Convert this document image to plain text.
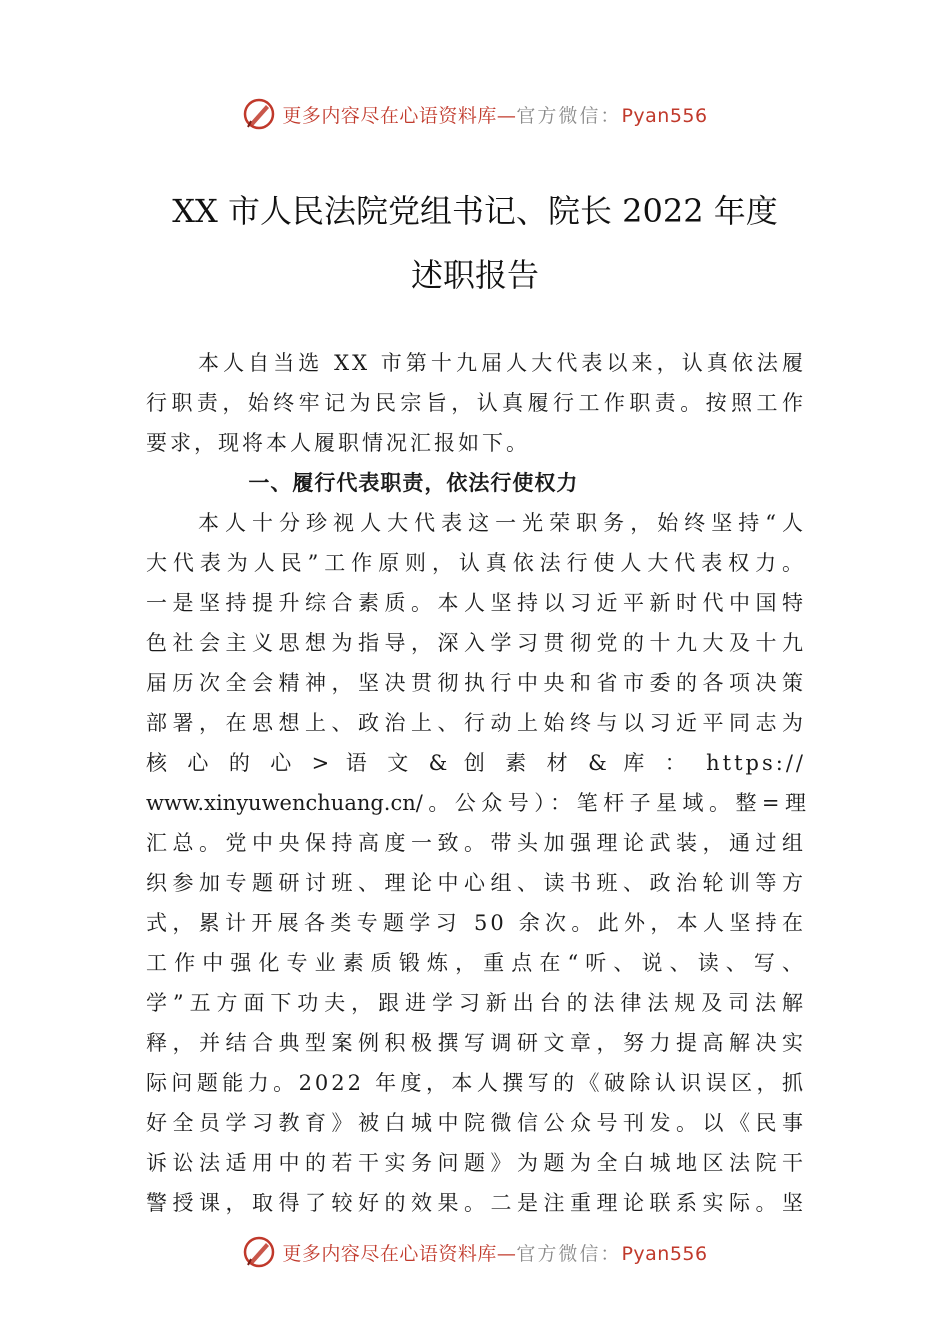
更多内容尽在心语资料库—官方微信：Pyan556
XX 市人民法院党组书记、院长 2022 年度
述职报告
本人自当选 XX 市第十九届人大代表以来，认真依法履
行职责，始终牢记为民宗旨，认真履行工作职责。按照工作
要求，现将本人履职情况汇报如下。
一、履行代表职责，依法行使权力
本人十分珍视人大代表这一光荣职务，始终坚持“人
大代表为人民”工作原则，认真依法行使人大代表权力。
一是坚持提升综合素质。本人坚持以习近平新时代中国特
色社会主义思想为指导，深入学习贯彻党的十九大及十九
届历次全会精神，坚决贯彻执行中央和省市委的各项决策
部署，在思想上、政治上、行动上始终与以习近平同志为
核 心 的 心 > 语 文 & 创 素 材 & 库 ： https://
www.xinyuwenchuang.cn/。公众号）：笔杆子星域。整=理
汇总。党中央保持高度一致。带头加强理论武装，通过组
织参加专题研讨班、理论中心组、读书班、政治轮训等方
式，累计开展各类专题学习 50 余次。此外，本人坚持在
工作中强化专业素质锻炼，重点在“听、说、读、写、
学”五方面下功夫，跟进学习新出台的法律法规及司法解
释，并结合典型案例积极撰写调研文章，努力提高解决实
际问题能力。2022 年度，本人撰写的《破除认识误区，抓
好全员学习教育》被白城中院微信公众号刊发。以《民事
诉讼法适用中的若干实务问题》为题为全白城地区法院干
警授课，取得了较好的效果。二是注重理论联系实际。坚
更多内容尽在心语资料库—官方微信：Pyan556
